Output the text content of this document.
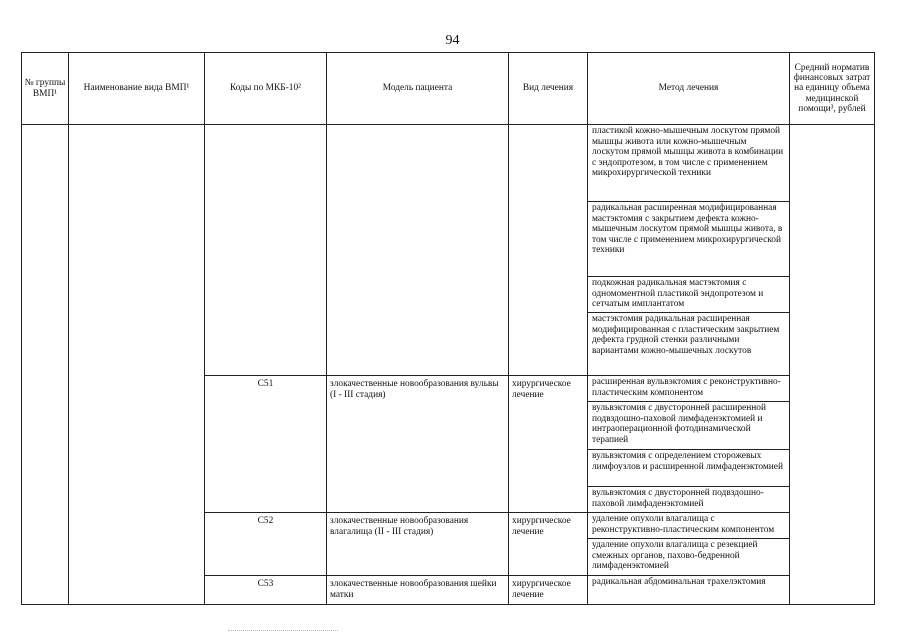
94
№ группы ВМП¹	Наименование вида ВМП¹	Коды по МКБ-10²	Модель пациента	Вид лечения	Метод лечения	Средний норматив финансовых затрат на единицу объема медицинской помощи³, рублей

					пластикой кожно-мышечным лоскутом прямой мышцы живота или кожно-мышечным лоскутом прямой мышцы живота в комбинации с эндопротезом, в том числе с применением микрохирургической техники
радикальная расширенная модифицированная мастэктомия с закрытием дефекта кожно-мышечным лоскутом прямой мышцы живота, в том числе с применением микрохирургической техники
подкожная радикальная мастэктомия с одномоментной пластикой эндопротезом и сетчатым имплантатом
мастэктомия радикальная расширенная модифицированная с пластическим закрытием дефекта грудной стенки различными вариантами кожно-мышечных лоскутов	

		C51	злокачественные новообразования вульвы (I - III стадия)	хирургическое лечение	расширенная вульвэктомия с реконструктивно-пластическим компонентом
вульвэктомия с двусторонней расширенной подвздошно-паховой лимфаденэктомией и интраоперационной фотодинамической терапией
вульвэктомия с определением сторожевых лимфоузлов и расширенной лимфаденэктомией
вульвэктомия с двусторонней подвздошно-паховой лимфаденэктомией	

		C52	злокачественные новообразования влагалища (II - III стадия)	хирургическое лечение	удаление опухоли влагалища с реконструктивно-пластическим компонентом
удаление опухоли влагалища с резекцией смежных органов, пахово-бедренной лимфаденэктомией	

		C53	злокачественные новообразования шейки матки	хирургическое лечение	радикальная абдоминальная трахелэктомия	
